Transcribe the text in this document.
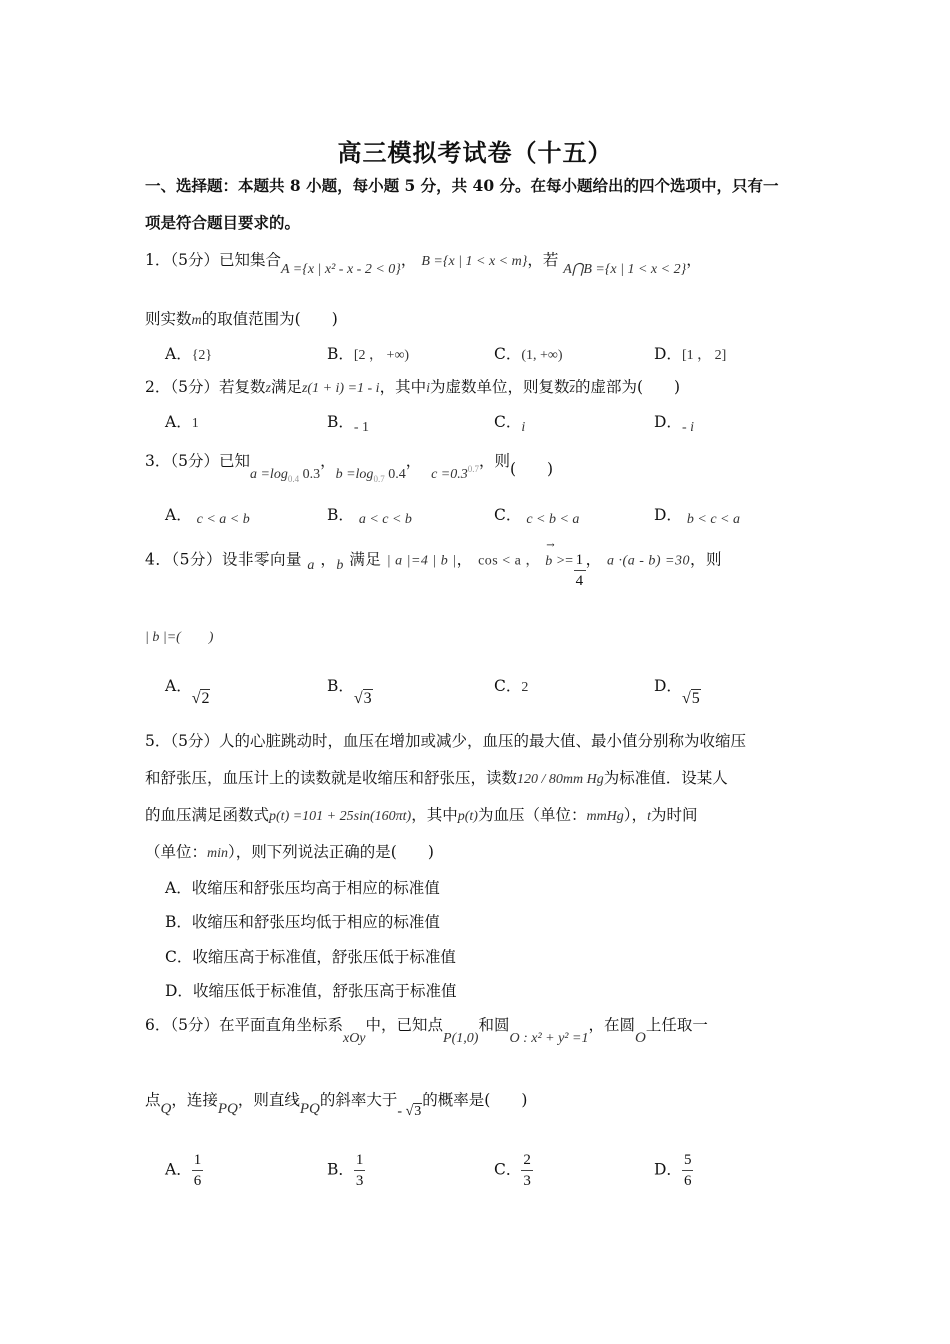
高三模拟考试卷（十五）
一、选择题：本题共 8 小题，每小题 5 分，共 40 分。在每小题给出的四个选项中，只有一
项是符合题目要求的。
1．（5分）已知集合A ={x | x² - x - 2 < 0}， B ={x | 1 < x < m}，若 A⋂B ={x | 1 < x < 2}，
则实数m的取值范围为(　　)
A．{2}	B．[2 ， +∞)	C．(1, +∞)	D．[1 ， 2]
2．（5分）若复数z满足z(1 + i) =1 - i，其中i为虚数单位，则复数$\overline{z}$的虚部为(　　)
A．1	B．- 1	C．i	D．- i
3．（5分）已知$a =\log_{0.4}$ 0.3，$b =\log_{0.7}$ 0.4，  $c =0.3^{0.7}$，则(　　)
A． c < a < b	B． a < c < b	C． c < b < a	D． b < c < a
4．（5分）设非零向量 a ，b 满足 | a |=4 | b |， cos < a ，
→
$b >= \frac{1}{4}$ ， a ·(a - b) =30，则
| b |=(　　)
A．√2
B．√3
C．2	D．√5
5．（5分）人的心脏跳动时，血压在增加或减少，血压的最大值、最小值分别称为收缩压
和舒张压，血压计上的读数就是收缩压和舒张压，读数120 / 80mm Hg为标准值．设某人
的血压满足函数式p(t) =101 + 25sin(160πt)，其中p(t)为血压（单位：mmHg），t为时间
（单位：min），则下列说法正确的是(　　)
A．收缩压和舒张压均高于相应的标准值
B．收缩压和舒张压均低于相应的标准值
C．收缩压高于标准值，舒张压低于标准值
D．收缩压低于标准值，舒张压高于标准值
6．（5分）在平面直角坐标系xOy中，已知点P(1,0)和圆O : x² + y² =1，在圆O上任取一
点Q，连接PQ，则直线PQ的斜率大于- √3的概率是(　　)
A． $\frac{1}{6}$	B． $\frac{1}{3}$	C． $\frac{2}{3}$	D． $\frac{5}{6}$
